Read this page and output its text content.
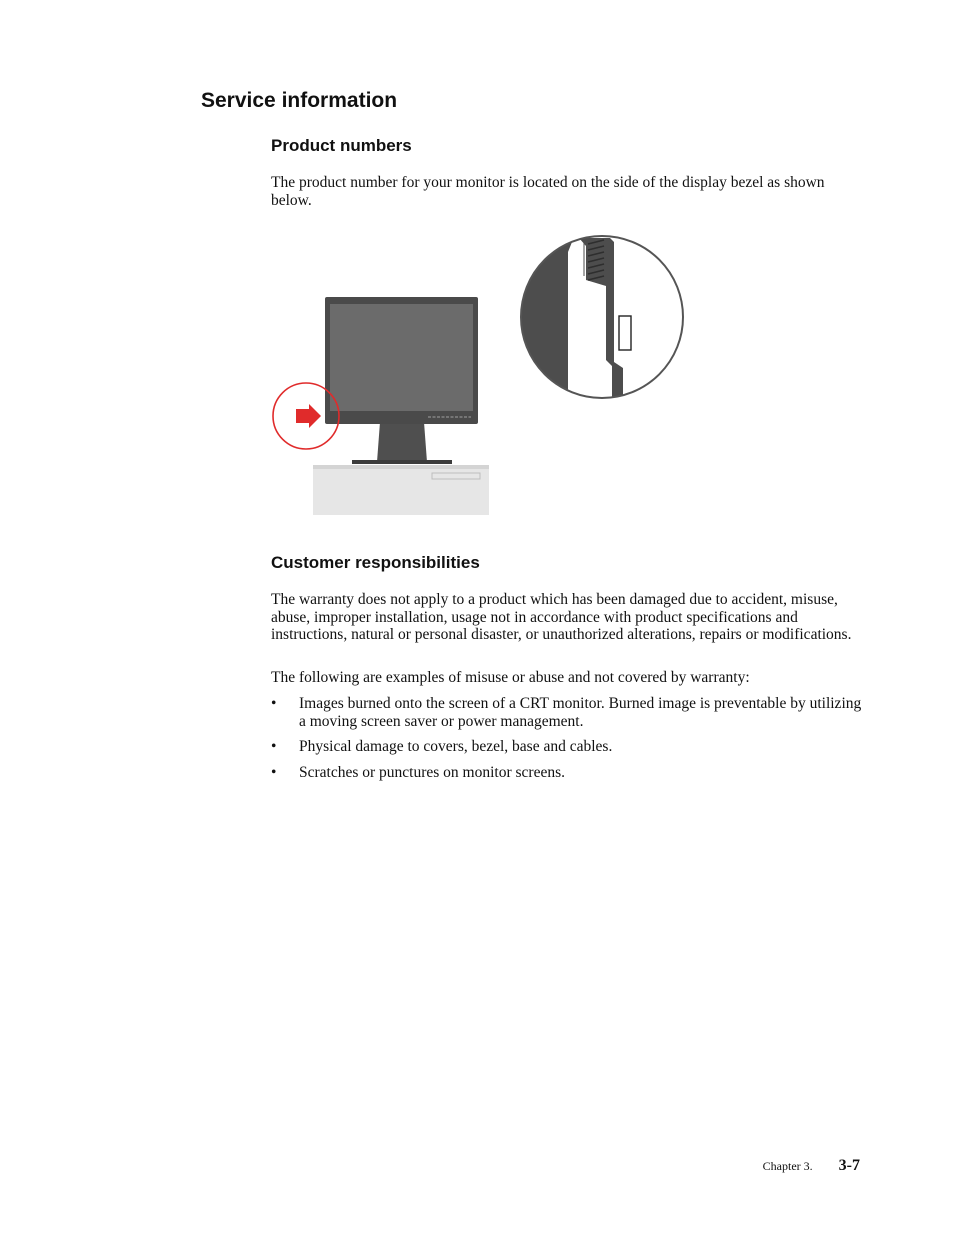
Service information
Product numbers

The product number for your monitor is located on the side of the display bezel as shown below.

Customer responsibilities

The warranty does not apply to a product which has been damaged due to accident, misuse, abuse, improper installation, usage not in accordance with product specifications and instructions, natural or personal disaster, or unauthorized alterations, repairs or modifications.

The following are examples of misuse or abuse and not covered by warranty:

• Images burned onto the screen of a CRT monitor. Burned image is preventable by utilizing a moving screen saver or power management.
• Physical damage to covers, bezel, base and cables.
• Scratches or punctures on monitor screens.
Chapter 3. 3-7
